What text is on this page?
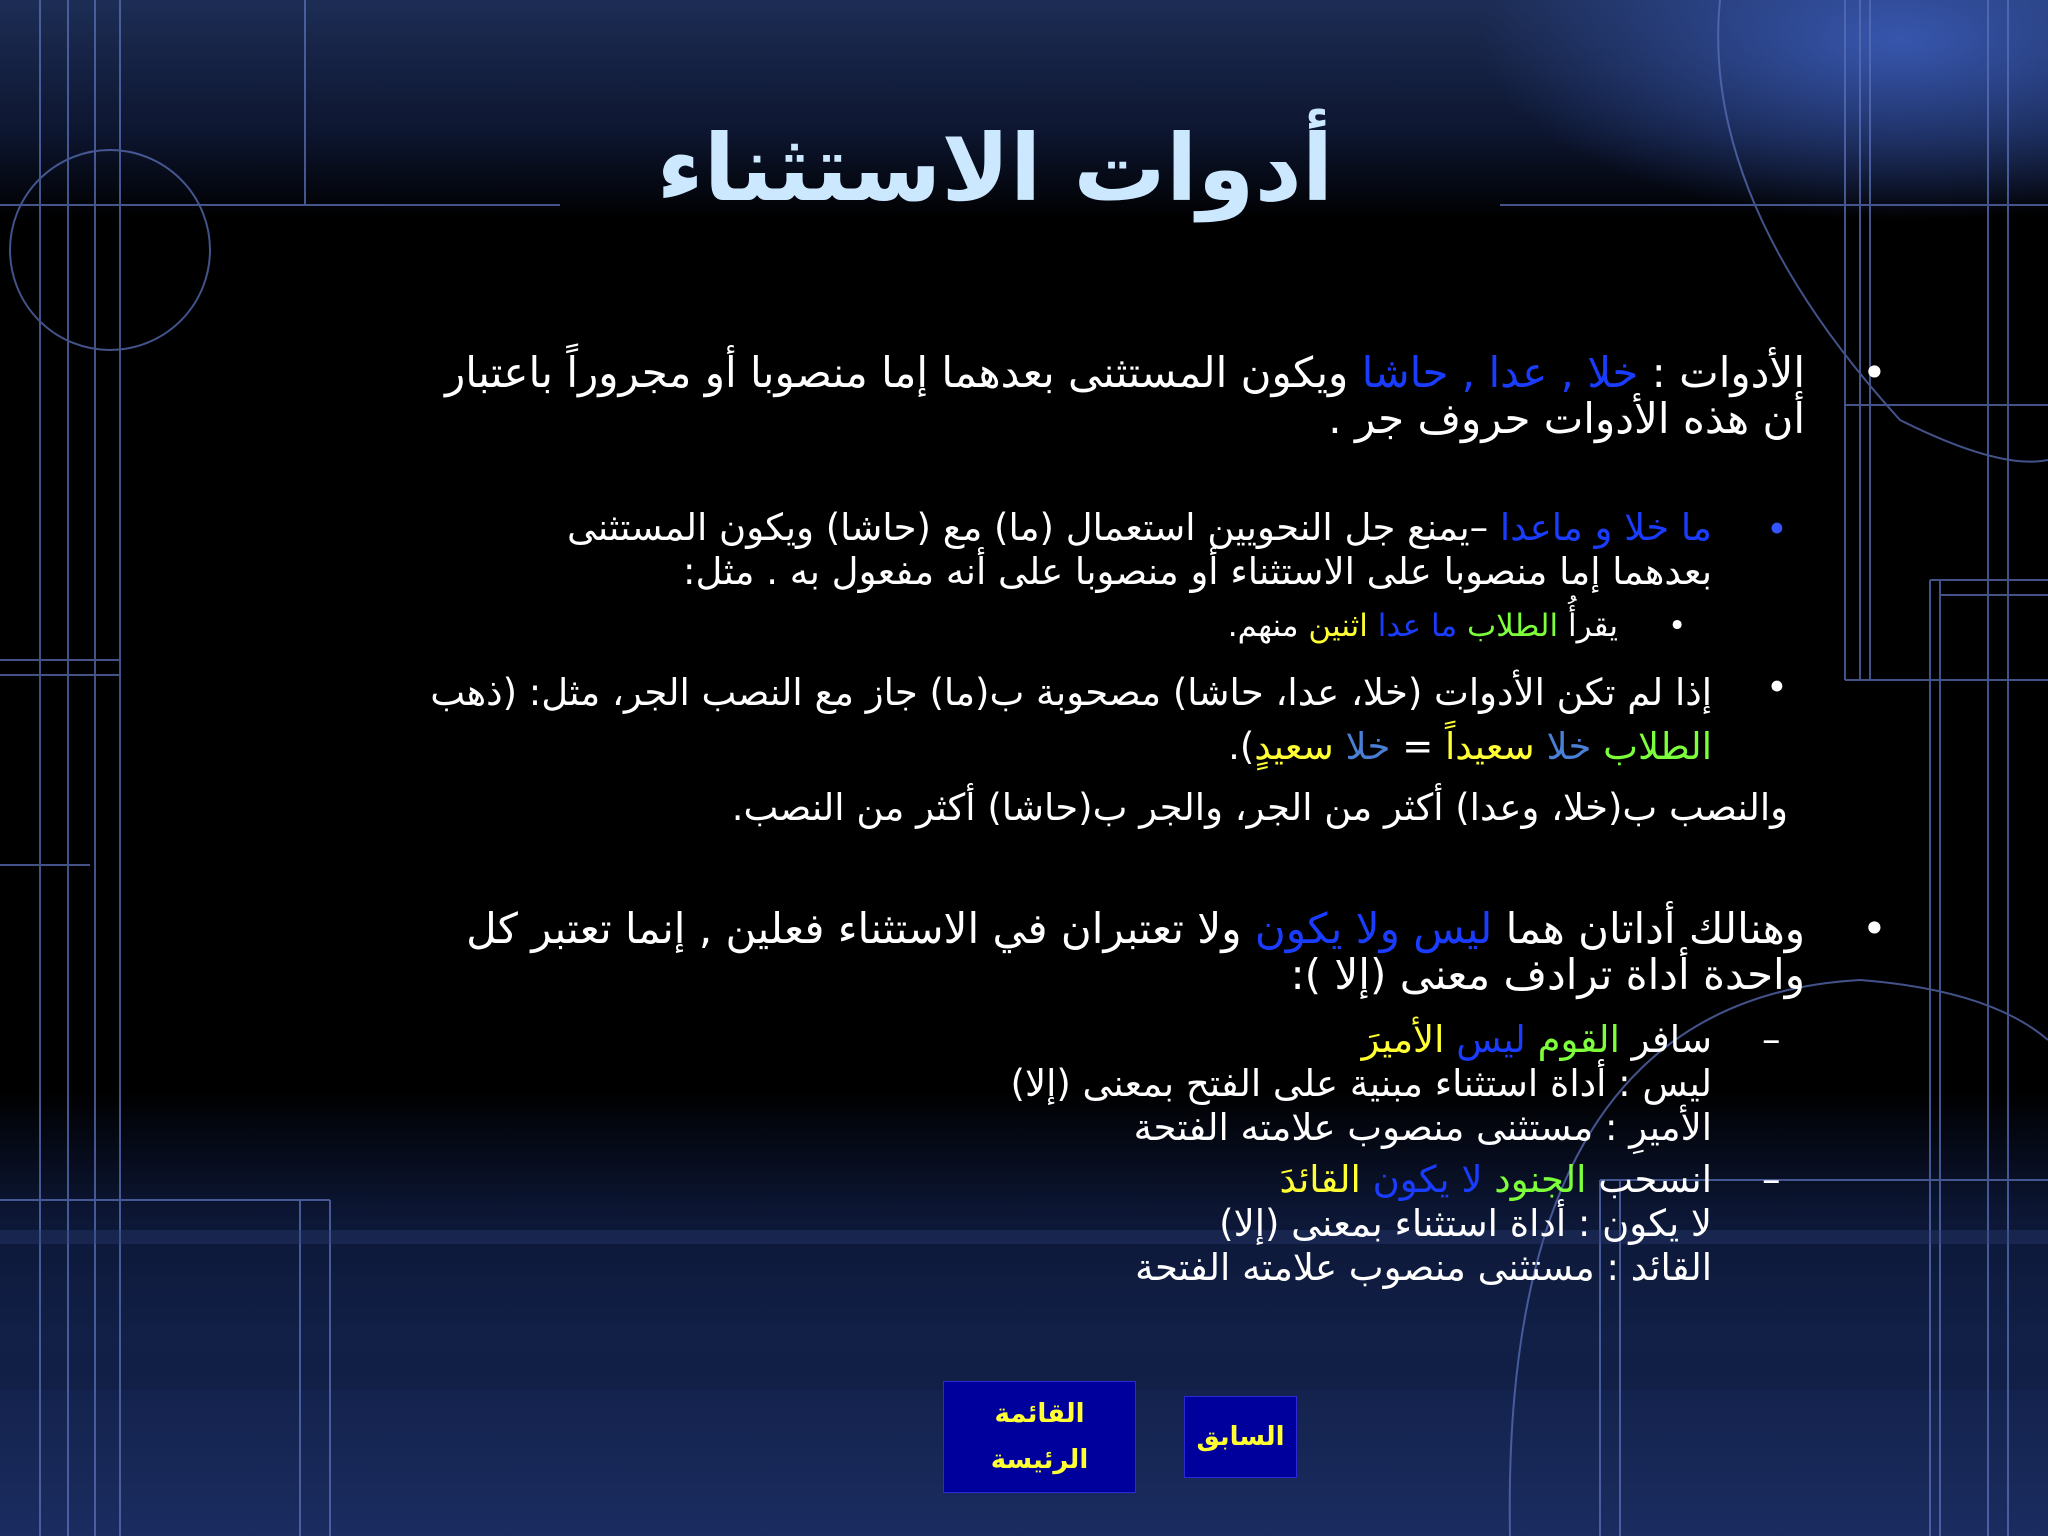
أدوات الاستثناء
•
الأدوات : خلا , عدا , حاشا ويكون المستثنى بعدهما إما منصوبا أو مجروراً باعتبار
أن هذه الأدوات حروف جر .
•
ما خلا و ماعدا –يمنع جل النحويين استعمال (ما) مع (حاشا) ويكون المستثنى
بعدهما إما منصوبا على الاستثناء أو منصوبا على أنه مفعول به . مثل:
•
يقرأُ الطلاب ما عدا اثنين منهم.
•
إذا لم تكن الأدوات (خلا، عدا، حاشا) مصحوبة ب(ما) جاز مع النصب الجر، مثل: (ذهب
الطلاب خلا سعيداً = خلا سعيدٍ).
والنصب ب(خلا، وعدا) أكثر من الجر، والجر ب(حاشا) أكثر من النصب.
•
وهنالك أداتان هما ليس ولا يكون ولا تعتبران في الاستثناء فعلين , إنما تعتبر كل
واحدة أداة ترادف معنى (إلا ):
–
سافر القوم ليس الأميرَ
ليس : أداة استثناء مبنية على الفتح بمعنى (إلا)
الأميرِ : مستثنى منصوب علامته الفتحة
–
انسحب الجنود لا يكون القائدَ
لا يكون : أداة استثناء بمعنى (إلا)
القائد : مستثنى منصوب علامته الفتحة
القائمة
الرئيسة
السابق
